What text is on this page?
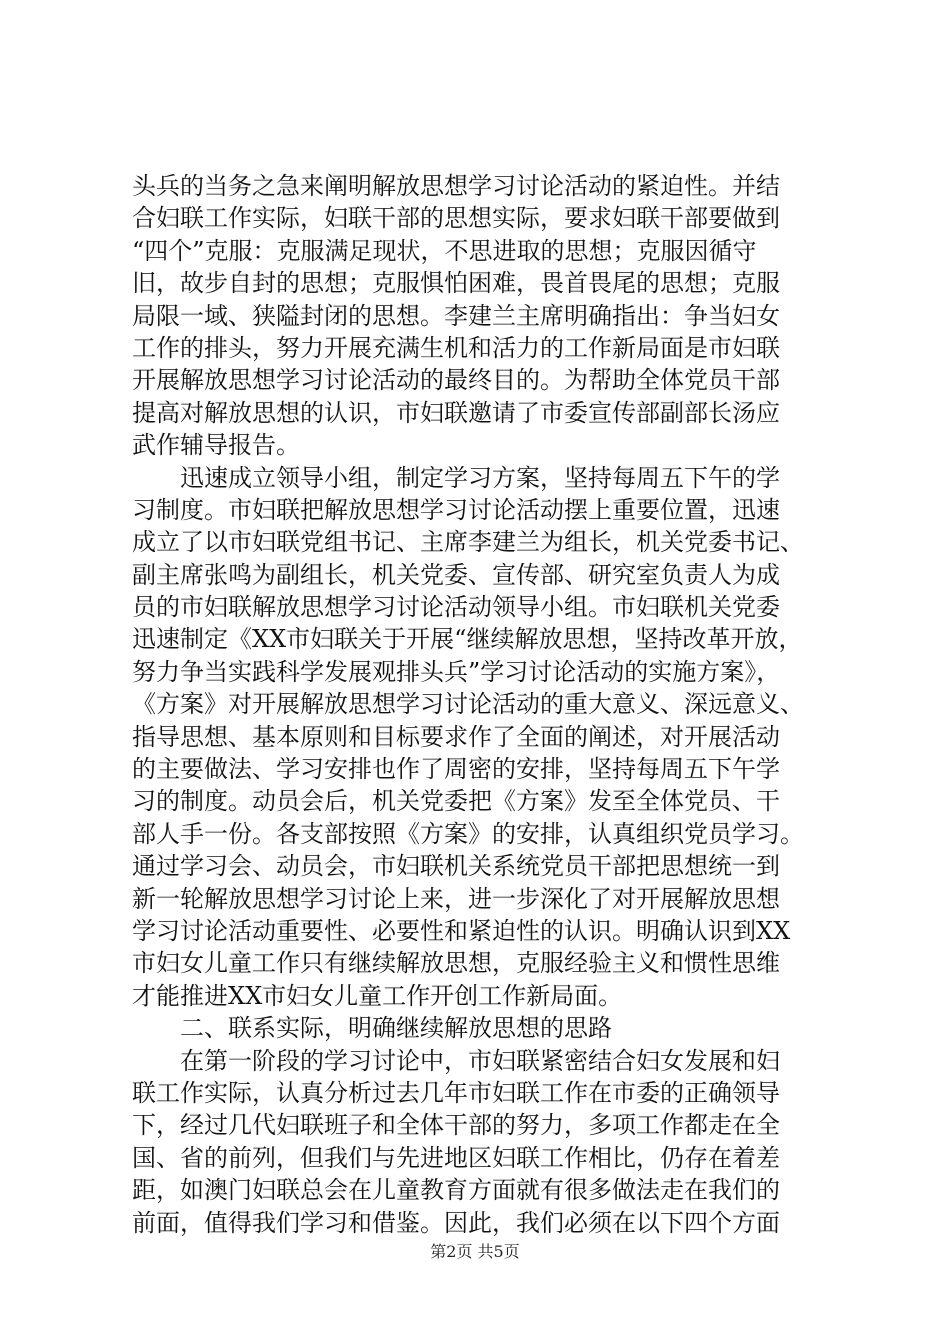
头兵的当务之急来阐明解放思想学习讨论活动的紧迫性。并结
合妇联工作实际，妇联干部的思想实际，要求妇联干部要做到
“四个”克服：克服满足现状，不思进取的思想；克服因循守
旧，故步自封的思想；克服惧怕困难，畏首畏尾的思想；克服
局限一域、狭隘封闭的思想。李建兰主席明确指出：争当妇女
工作的排头，努力开展充满生机和活力的工作新局面是市妇联
开展解放思想学习讨论活动的最终目的。为帮助全体党员干部
提高对解放思想的认识，市妇联邀请了市委宣传部副部长汤应
武作辅导报告。
迅速成立领导小组，制定学习方案，坚持每周五下午的学
习制度。市妇联把解放思想学习讨论活动摆上重要位置，迅速
成立了以市妇联党组书记、主席李建兰为组长，机关党委书记、
副主席张鸣为副组长，机关党委、宣传部、研究室负责人为成
员的市妇联解放思想学习讨论活动领导小组。市妇联机关党委
迅速制定《XX市妇联关于开展“继续解放思想，坚持改革开放，
努力争当实践科学发展观排头兵”学习讨论活动的实施方案》，
《方案》对开展解放思想学习讨论活动的重大意义、深远意义、
指导思想、基本原则和目标要求作了全面的阐述，对开展活动
的主要做法、学习安排也作了周密的安排，坚持每周五下午学
习的制度。动员会后，机关党委把《方案》发至全体党员、干
部人手一份。各支部按照《方案》的安排，认真组织党员学习。
通过学习会、动员会，市妇联机关系统党员干部把思想统一到
新一轮解放思想学习讨论上来，进一步深化了对开展解放思想
学习讨论活动重要性、必要性和紧迫性的认识。明确认识到XX
市妇女儿童工作只有继续解放思想，克服经验主义和惯性思维
才能推进XX市妇女儿童工作开创工作新局面。
二、联系实际，明确继续解放思想的思路
在第一阶段的学习讨论中，市妇联紧密结合妇女发展和妇
联工作实际，认真分析过去几年市妇联工作在市委的正确领导
下，经过几代妇联班子和全体干部的努力，多项工作都走在全
国、省的前列，但我们与先进地区妇联工作相比，仍存在着差
距，如澳门妇联总会在儿童教育方面就有很多做法走在我们的
前面，值得我们学习和借鉴。因此，我们必须在以下四个方面
第2页 共5页
